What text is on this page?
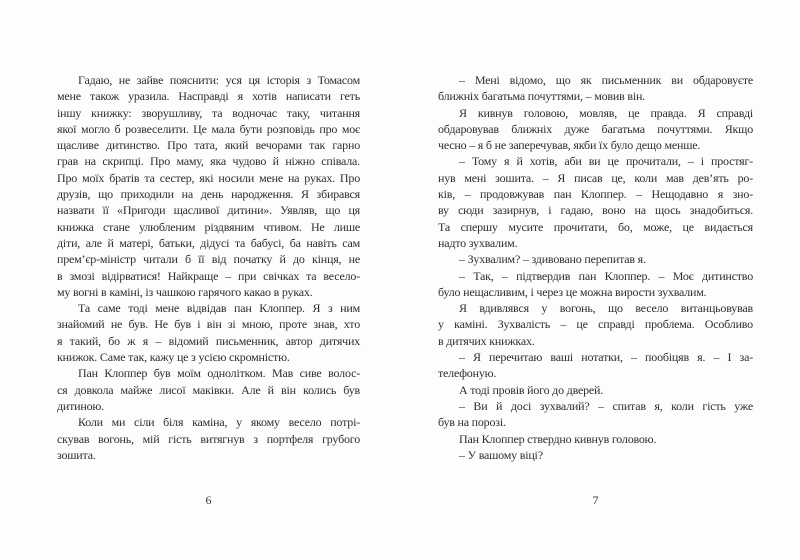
Гадаю, не зайве пояснити: уся ця історія з Томасом
мене також уразила. Насправді я хотів написати геть
іншу книжку: зворушливу, та водночас таку, читання
якої могло б розвеселити. Це мала бути розповідь про моє
щасливе дитинство. Про тата, який вечорами так гарно
грав на скрипці. Про маму, яка чудово й ніжно співала.
Про моїх братів та сестер, які носили мене на руках. Про
друзів, що приходили на день народження. Я збирався
назвати її «Пригоди щасливої дитини». Уявляв, що ця
книжка стане улюбленим різдвяним чтивом. Не лише
діти, але й матері, батьки, дідусі та бабусі, ба навіть сам
прем’єр-міністр читали б її від початку й до кінця, не
в змозі відірватися! Найкраще – при свічках та весело-
му вогні в каміні, із чашкою гарячого какао в руках.
Та саме тоді мене відвідав пан Клоппер. Я з ним
знайомий не був. Не був і він зі мною, проте знав, хто
я такий, бо ж я – відомий письменник, автор дитячих
книжок. Саме так, кажу це з усією скромністю.
Пан Клоппер був моїм однолітком. Мав сиве волос-
ся довкола майже лисої маківки. Але й він колись був
дитиною.
Коли ми сіли біля каміна, у якому весело потрі-
скував вогонь, мій гість витягнув з портфеля грубого
зошита.
– Мені відомо, що як письменник ви обдаровуєте
ближніх багатьма почуттями, – мовив він.
Я кивнув головою, мовляв, це правда. Я справді
обдаровував ближніх дуже багатьма почуттями. Якщо
чесно – я б не заперечував, якби їх було дещо менше.
– Тому я й хотів, аби ви це прочитали, – і простяг-
нув мені зошита. – Я писав це, коли мав дев’ять ро-
ків, – продовжував пан Клоппер. – Нещодавно я зно-
ву сюди зазирнув, і гадаю, воно на щось знадобиться.
Та спершу мусите прочитати, бо, може, це видається
надто зухвалим.
– Зухвалим? – здивовано перепитав я.
– Так, – підтвердив пан Клоппер. – Моє дитинство
було нещасливим, і через це можна вирости зухвалим.
Я вдивлявся у вогонь, що весело витанцьовував
у каміні. Зухвалість – це справді проблема. Особливо
в дитячих книжках.
– Я перечитаю ваші нотатки, – пообіцяв я. – І за-
телефоную.
А тоді провів його до дверей.
– Ви й досі зухвалий? – спитав я, коли гість уже
був на порозі.
Пан Клоппер ствердно кивнув головою.
– У вашому віці?
6	7
